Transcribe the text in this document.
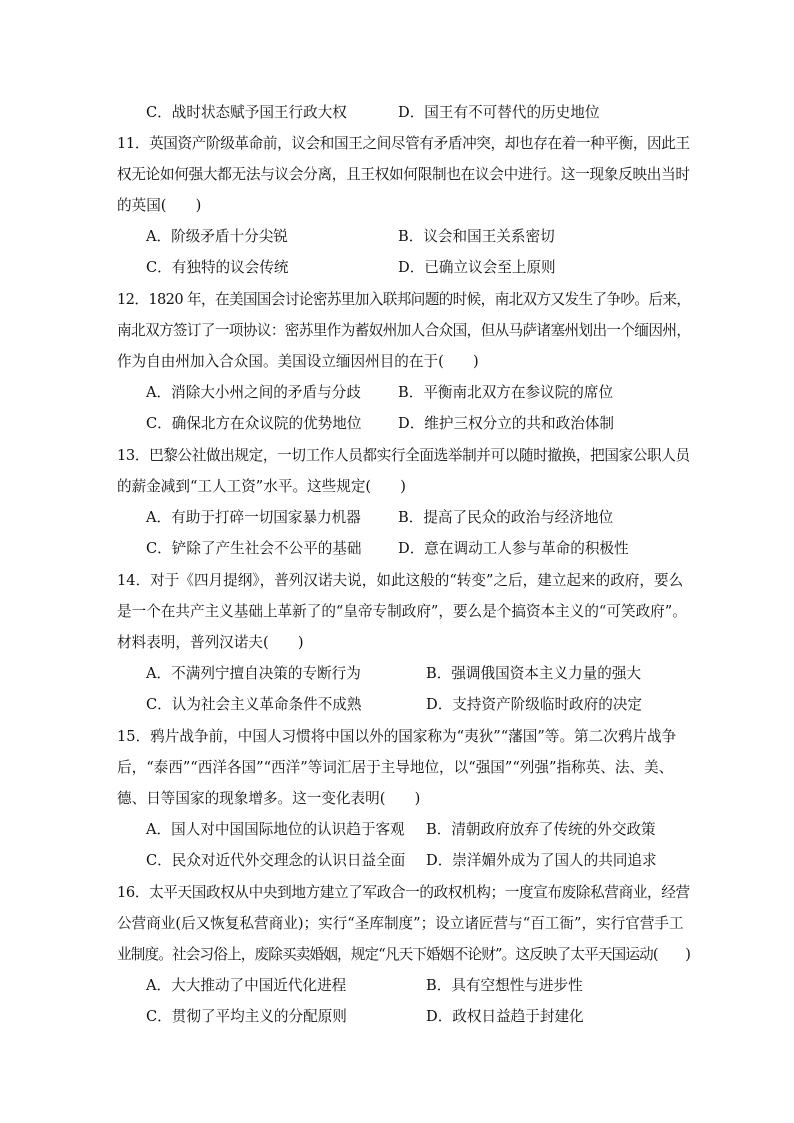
C．战时状态赋予国王行政大权	D．国王有不可替代的历史地位
11．英国资产阶级革命前，议会和国王之间尽管有矛盾冲突，却也存在着一种平衡，因此王
权无论如何强大都无法与议会分离，且王权如何限制也在议会中进行。这一现象反映出当时
的英国(　　)
A．阶级矛盾十分尖锐	B．议会和国王关系密切
C．有独特的议会传统	D．已确立议会至上原则
12．1820 年，在美国国会讨论密苏里加入联邦问题的时候，南北双方又发生了争吵。后来，
南北双方签订了一项协议：密苏里作为蓄奴州加人合众国，但从马萨诸塞州划出一个缅因州，
作为自由州加入合众国。美国设立缅因州目的在于(　　)
A．消除大小州之间的矛盾与分歧	B．平衡南北双方在参议院的席位
C．确保北方在众议院的优势地位	D．维护三权分立的共和政治体制
13．巴黎公社做出规定，一切工作人员都实行全面选举制并可以随时撤换，把国家公职人员
的薪金减到“工人工资”水平。这些规定(　　)
A．有助于打碎一切国家暴力机器	B．提高了民众的政治与经济地位
C．铲除了产生社会不公平的基础	D．意在调动工人参与革命的积极性
14．对于《四月提纲》，普列汉诺夫说，如此这般的“转变”之后，建立起来的政府，要么
是一个在共产主义基础上革新了的“皇帝专制政府”，要么是个搞资本主义的“可笑政府”。
材料表明，普列汉诺夫(　　)
A．不满列宁擅自决策的专断行为	B．强调俄国资本主义力量的强大
C．认为社会主义革命条件不成熟	D．支持资产阶级临时政府的决定
15．鸦片战争前，中国人习惯将中国以外的国家称为“夷狄”“藩国”等。第二次鸦片战争
后，“泰西”“西洋各国”“西洋”等词汇居于主导地位，以“强国”“列强”指称英、法、美、
德、日等国家的现象增多。这一变化表明(　　)
A．国人对中国国际地位的认识趋于客观 B．清朝政府放弃了传统的外交政策
C．民众对近代外交理念的认识日益全面 D．崇洋媚外成为了国人的共同追求
16．太平天国政权从中央到地方建立了军政合一的政权机构；一度宣布废除私营商业，经营
公营商业(后又恢复私营商业)；实行“圣库制度”；设立诸匠营与“百工衙”，实行官营手工
业制度。社会习俗上，废除买卖婚姻，规定“凡天下婚姻不论财”。这反映了太平天国运动(　　)
A．大大推动了中国近代化进程	B．具有空想性与进步性
C．贯彻了平均主义的分配原则	D．政权日益趋于封建化
